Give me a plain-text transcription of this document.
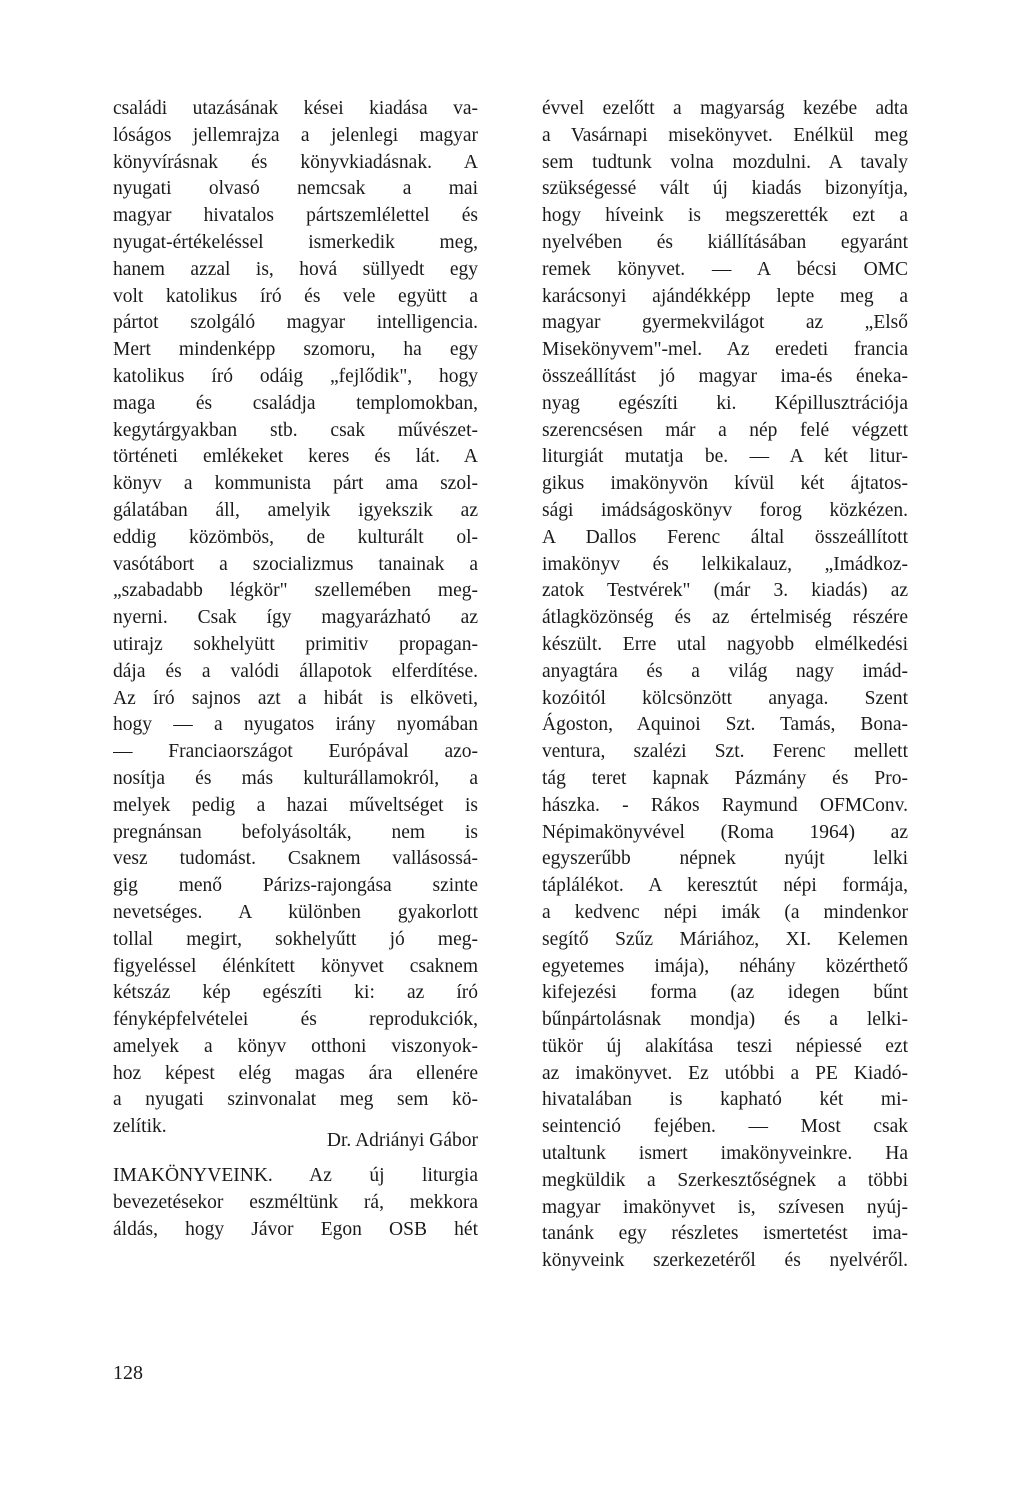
családi utazásának kései kiadása va-
lóságos jellemrajza a jelenlegi magyar
könyvírásnak és könyvkiadásnak. A
nyugati olvasó nemcsak a mai
magyar hivatalos pártszemlélettel és
nyugat-értékeléssel ismerkedik meg,
hanem azzal is, hová süllyedt egy
volt katolikus író és vele együtt a
pártot szolgáló magyar intelligencia.
Mert mindenképp szomoru, ha egy
katolikus író odáig „fejlődik", hogy
maga és családja templomokban,
kegytárgyakban stb. csak művészet-
történeti emlékeket keres és lát. A
könyv a kommunista párt ama szol-
gálatában áll, amelyik igyekszik az
eddig közömbös, de kulturált ol-
vasótábort a szocializmus tanainak a
„szabadabb légkör" szellemében meg-
nyerni. Csak így magyarázható az
utirajz sokhelyütt primitiv propagan-
dája és a valódi állapotok elferdítése.
Az író sajnos azt a hibát is elköveti,
hogy — a nyugatos irány nyomában
— Franciaországot Európával azo-
nosítja és más kulturállamokról, a
melyek pedig a hazai műveltséget is
pregnánsan befolyásolták, nem is
vesz tudomást. Csaknem vallásossá-
gig menő Párizs-rajongása szinte
nevetséges. A különben gyakorlott
tollal megirt, sokhelyűtt jó meg-
figyeléssel élénkített könyvet csaknem
kétszáz kép egészíti ki: az író
fényképfelvételei és reprodukciók,
amelyek a könyv otthoni viszonyok-
hoz képest elég magas ára ellenére
a nyugati szinvonalat meg sem kö-
zelítik.
Dr. Adriányi Gábor
IMAKÖNYVEINK. Az új liturgia
bevezetésekor eszméltünk rá, mekkora
áldás, hogy Jávor Egon OSB hét
évvel ezelőtt a magyarság kezébe adta
a Vasárnapi misekönyvet. Enélkül meg
sem tudtunk volna mozdulni. A tavaly
szükségessé vált új kiadás bizonyítja,
hogy híveink is megszerették ezt a
nyelvében és kiállításában egyaránt
remek könyvet. — A bécsi OMC
karácsonyi ajándékképp lepte meg a
magyar gyermekvilágot az „Első
Misekönyvem"-mel. Az eredeti francia
összeállítást jó magyar ima-és éneka-
nyag egészíti ki. Képillusztrációja
szerencsésen már a nép felé végzett
liturgiát mutatja be. — A két litur-
gikus imakönyvön kívül két ájtatos-
sági imádságoskönyv forog közkézen.
A Dallos Ferenc által összeállított
imakönyv és lelkikalauz, „Imádkoz-
zatok Testvérek" (már 3. kiadás) az
átlagközönség és az értelmiség részére
készült. Erre utal nagyobb elmélkedési
anyagtára és a világ nagy imád-
kozóitól kölcsönzött anyaga. Szent
Ágoston, Aquinoi Szt. Tamás, Bona-
ventura, szalézi Szt. Ferenc mellett
tág teret kapnak Pázmány és Pro-
hászka. - Rákos Raymund OFMConv.
Népimakönyvével (Roma 1964) az
egyszerűbb népnek nyújt lelki
táplálékot. A keresztút népi formája,
a kedvenc népi imák (a mindenkor
segítő Szűz Máriához, XI. Kelemen
egyetemes imája), néhány közérthető
kifejezési forma (az idegen bűnt
bűnpártolásnak mondja) és a lelki-
tükör új alakítása teszi népiessé ezt
az imakönyvet. Ez utóbbi a PE Kiadó-
hivatalában is kapható két mi-
seintenció fejében. — Most csak
utaltunk ismert imakönyveinkre. Ha
megküldik a Szerkesztőségnek a többi
magyar imakönyvet is, szívesen nyúj-
tanánk egy részletes ismertetést ima-
könyveink szerkezetéről és nyelvéről.
128
